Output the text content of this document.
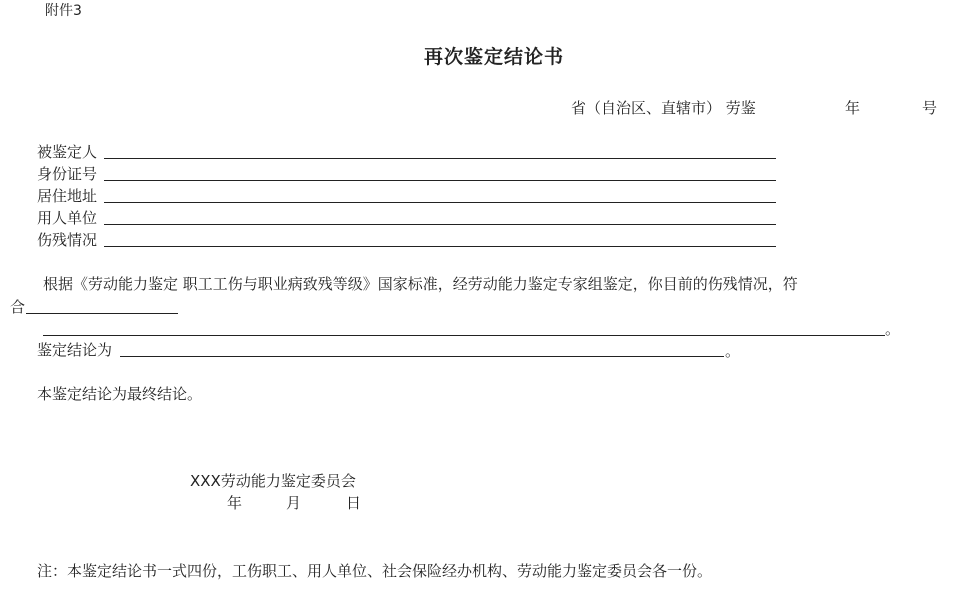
附件3
再次鉴定结论书
省（自治区、直辖市） 劳鉴	年	号
被鉴定人
身份证号
居住地址
用人单位
伤残情况
根据《劳动能力鉴定 职工工伤与职业病致残等级》国家标准，经劳动能力鉴定专家组鉴定，你目前的伤残情况，符
合
。
鉴定结论为	。
本鉴定结论为最终结论。
XXX劳动能力鉴定委员会
年	月	日
注：本鉴定结论书一式四份，工伤职工、用人单位、社会保险经办机构、劳动能力鉴定委员会各一份。
